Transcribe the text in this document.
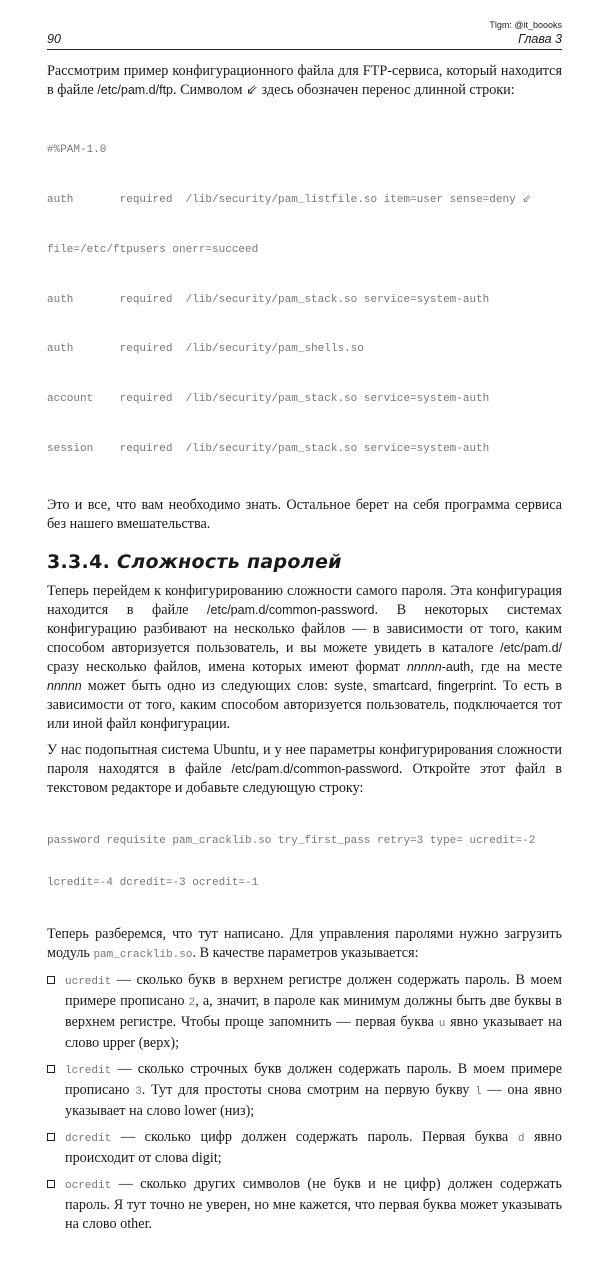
Tlgm: @it_boooks
90	Глава 3

Рассмотрим пример конфигурационного файла для FTP-сервиса, который находится в файле /etc/pam.d/ftp. Символом ⇙ здесь обозначен перенос длинной строки:

#%PAM-1.0

auth       required  /lib/security/pam_listfile.so item=user sense=deny ⇙

file=/etc/ftpusers onerr=succeed

auth       required  /lib/security/pam_stack.so service=system-auth

auth       required  /lib/security/pam_shells.so

account    required  /lib/security/pam_stack.so service=system-auth

session    required  /lib/security/pam_stack.so service=system-auth

Это и все, что вам необходимо знать. Остальное берет на себя программа сервиса без нашего вмешательства.

3.3.4. Сложность паролей

Теперь перейдем к конфигурированию сложности самого пароля. Эта конфигурация находится в файле /etc/pam.d/common-password. В некоторых системах конфигурацию разбивают на несколько файлов — в зависимости от того, каким способом авторизуется пользователь, и вы можете увидеть в каталоге /etc/pam.d/ сразу несколько файлов, имена которых имеют формат nnnnn-auth, где на месте nnnnn может быть одно из следующих слов: syste, smartcard, fingerprint. То есть в зависимости от того, каким способом авторизуется пользователь, подключается тот или иной файл конфигурации.

У нас подопытная система Ubuntu, и у нее параметры конфигурирования сложности пароля находятся в файле /etc/pam.d/common-password. Откройте этот файл в текстовом редакторе и добавьте следующую строку:

password requisite pam_cracklib.so try_first_pass retry=3 type= ucredit=-2

lcredit=-4 dcredit=-3 ocredit=-1

Теперь разберемся, что тут написано. Для управления паролями нужно загрузить модуль pam_cracklib.so. В качестве параметров указывается:

ucredit — сколько букв в верхнем регистре должен содержать пароль. В моем примере прописано 2, а, значит, в пароле как минимум должны быть две буквы в верхнем регистре. Чтобы проще запомнить — первая буква u явно указывает на слово upper (верх);

lcredit — сколько строчных букв должен содержать пароль. В моем примере прописано 3. Тут для простоты снова смотрим на первую букву l — она явно указывает на слово lower (низ);

dcredit — сколько цифр должен содержать пароль. Первая буква d явно происходит от слова digit;

ocredit — сколько других символов (не букв и не цифр) должен содержать пароль. Я тут точно не уверен, но мне кажется, что первая буква может указывать на слово other.
